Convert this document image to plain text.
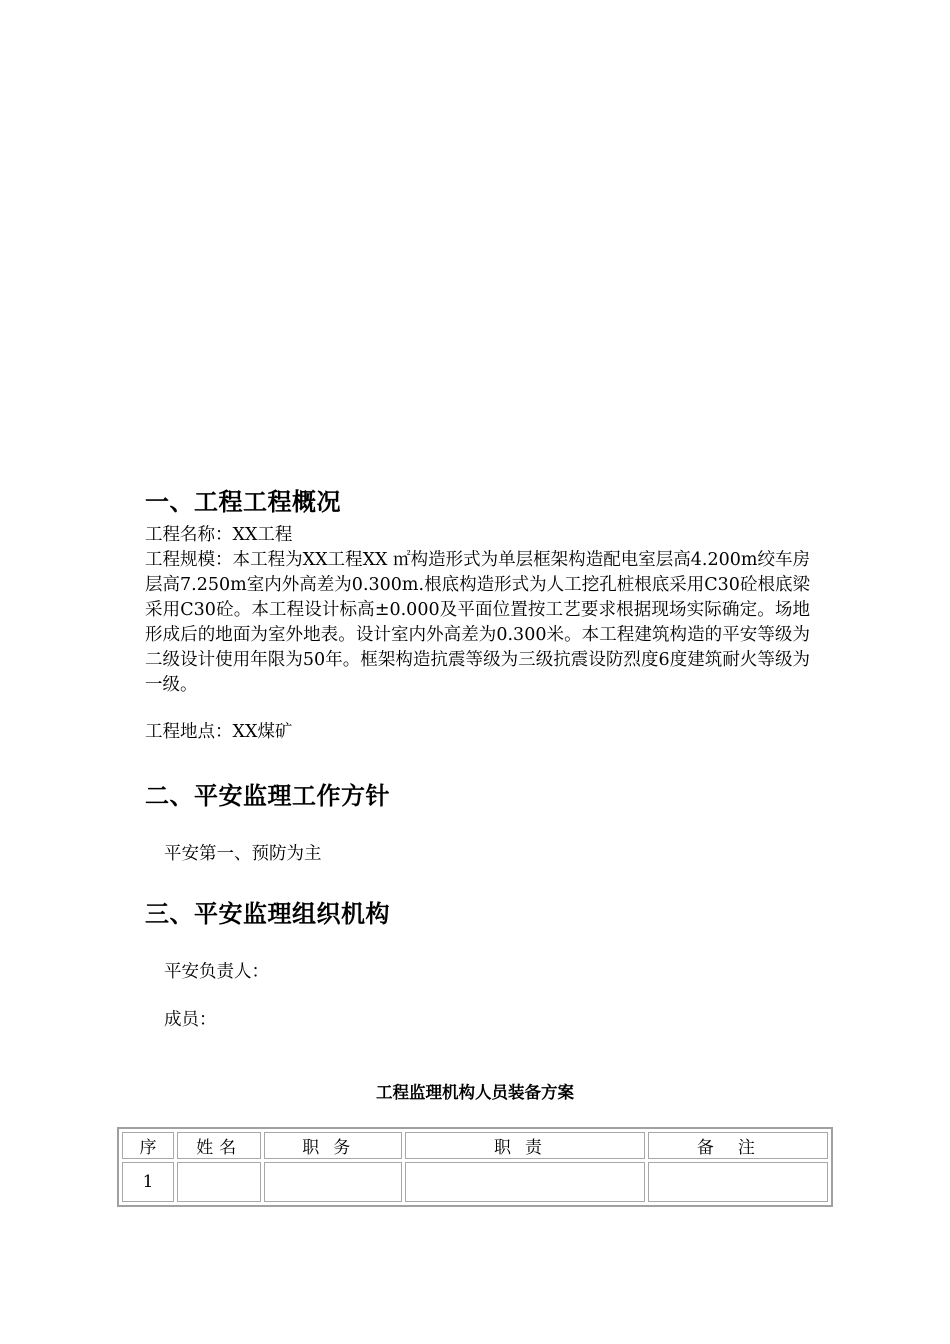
一、工程工程概况
工程名称：XX工程
工程规模：本工程为XX工程XX ㎡构造形式为单层框架构造配电室层高4.200m绞车房层高7.250m室内外高差为0.300m.根底构造形式为人工挖孔桩根底采用C30砼根底梁采用C30砼。本工程设计标高±0.000及平面位置按工艺要求根据现场实际确定。场地形成后的地面为室外地表。设计室内外高差为0.300米。本工程建筑构造的平安等级为二级设计使用年限为50年。框架构造抗震等级为三级抗震设防烈度6度建筑耐火等级为一级。
工程地点：XX煤矿
二、平安监理工作方针
平安第一、预防为主
三、平安监理组织机构
平安负责人：
成员：
工程监理机构人员装备方案
序	姓名	职务	职责	备注
1				
